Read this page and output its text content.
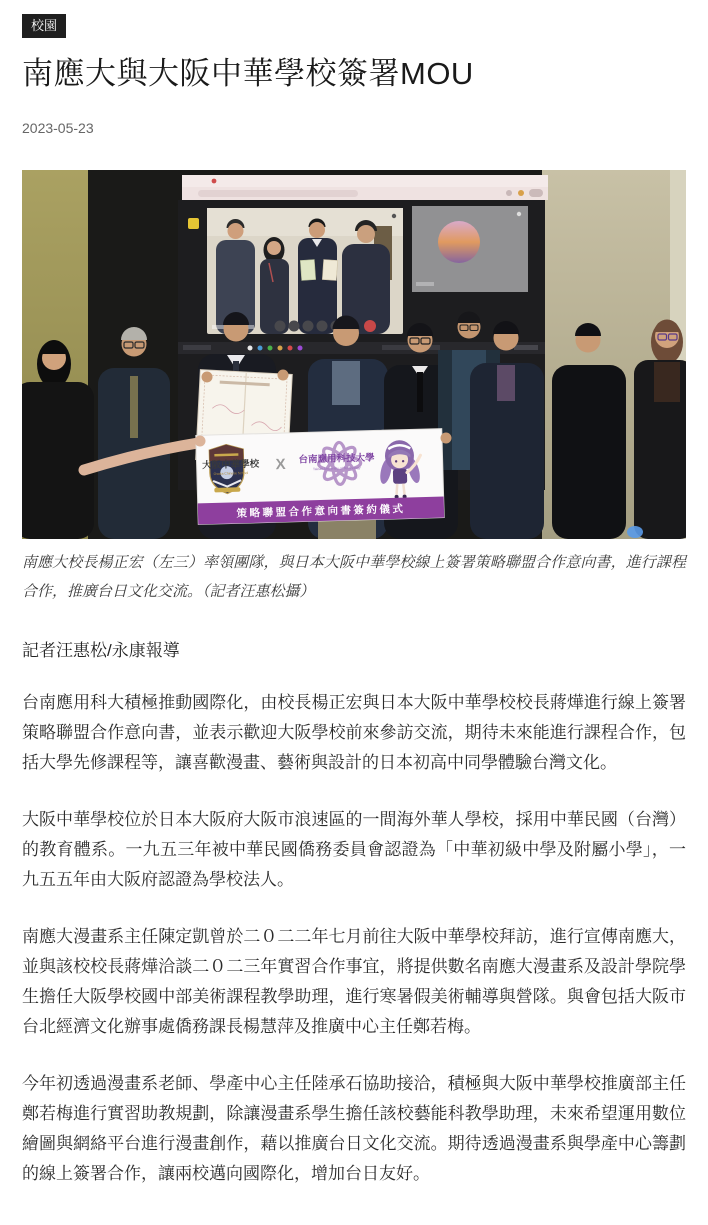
校園
南應大與大阪中華學校簽署MOU
2023-05-23
大阪中華學校
Osaka Chinese School
X 台南應用科技大學
Tainan University of Technology
策略聯盟合作意向書簽約儀式
南應大校長楊正宏（左三）率領團隊，與日本大阪中華學校線上簽署策略聯盟合作意向書，進行課程合作，推廣台日文化交流。（記者汪惠松攝）

記者汪惠松/永康報導

台南應用科大積極推動國際化，由校長楊正宏與日本大阪中華學校校長蔣燁進行線上簽署策略聯盟合作意向書，並表示歡迎大阪學校前來參訪交流，期待未來能進行課程合作，包括大學先修課程等，讓喜歡漫畫、藝術與設計的日本初高中同學體驗台灣文化。

大阪中華學校位於日本大阪府大阪市浪速區的一間海外華人學校，採用中華民國（台灣）的教育體系。一九五三年被中華民國僑務委員會認證為「中華初級中學及附屬小學」，一九五五年由大阪府認證為學校法人。

南應大漫畫系主任陳定凱曾於二０二二年七月前往大阪中華學校拜訪，進行宣傳南應大，並與該校校長蔣燁洽談二０二三年實習合作事宜，將提供數名南應大漫畫系及設計學院學生擔任大阪學校國中部美術課程教學助理，進行寒暑假美術輔導與營隊。與會包括大阪市台北經濟文化辦事處僑務課長楊慧萍及推廣中心主任鄭若梅。

今年初透過漫畫系老師、學產中心主任陸承石協助接洽，積極與大阪中華學校推廣部主任鄭若梅進行實習助教規劃，除讓漫畫系學生擔任該校藝能科教學助理，未來希望運用數位繪圖與網絡平台進行漫畫創作，藉以推廣台日文化交流。期待透過漫畫系與學產中心籌劃的線上簽署合作，讓兩校邁向國際化，增加台日友好。
